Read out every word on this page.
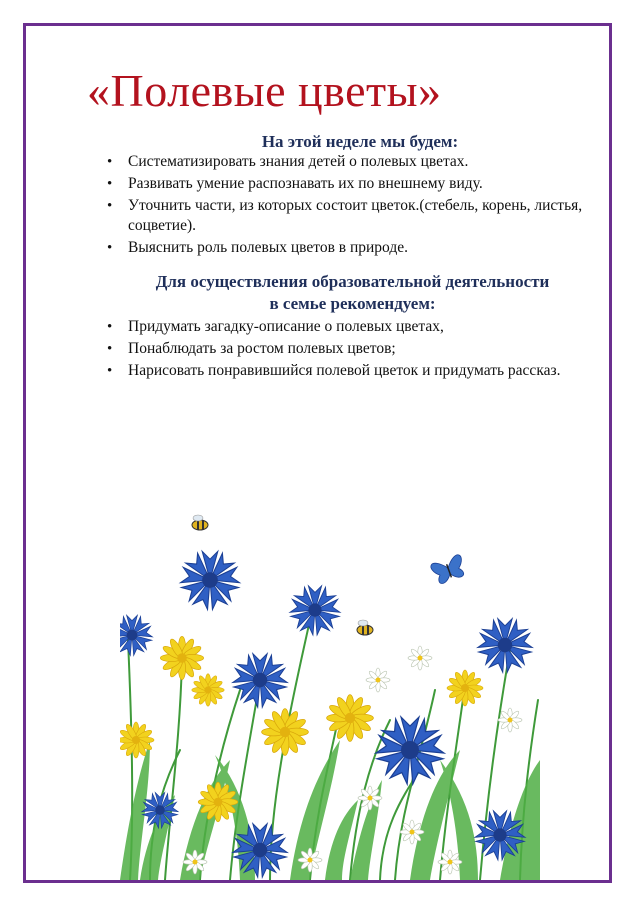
«Полевые цветы»

На этой неделе мы будем:

• Систематизировать знания детей о полевых цветах.
• Развивать умение распознавать их по внешнему виду.
• Уточнить части, из которых состоит цветок.(стебель, корень, листья, соцветие).
• Выяснить роль полевых цветов в природе.

Для осуществления образовательной деятельности
в семье рекомендуем:

• Придумать загадку-описание о полевых цветах,
• Понаблюдать за ростом полевых цветов;
• Нарисовать понравившийся полевой цветок и придумать рассказ.
